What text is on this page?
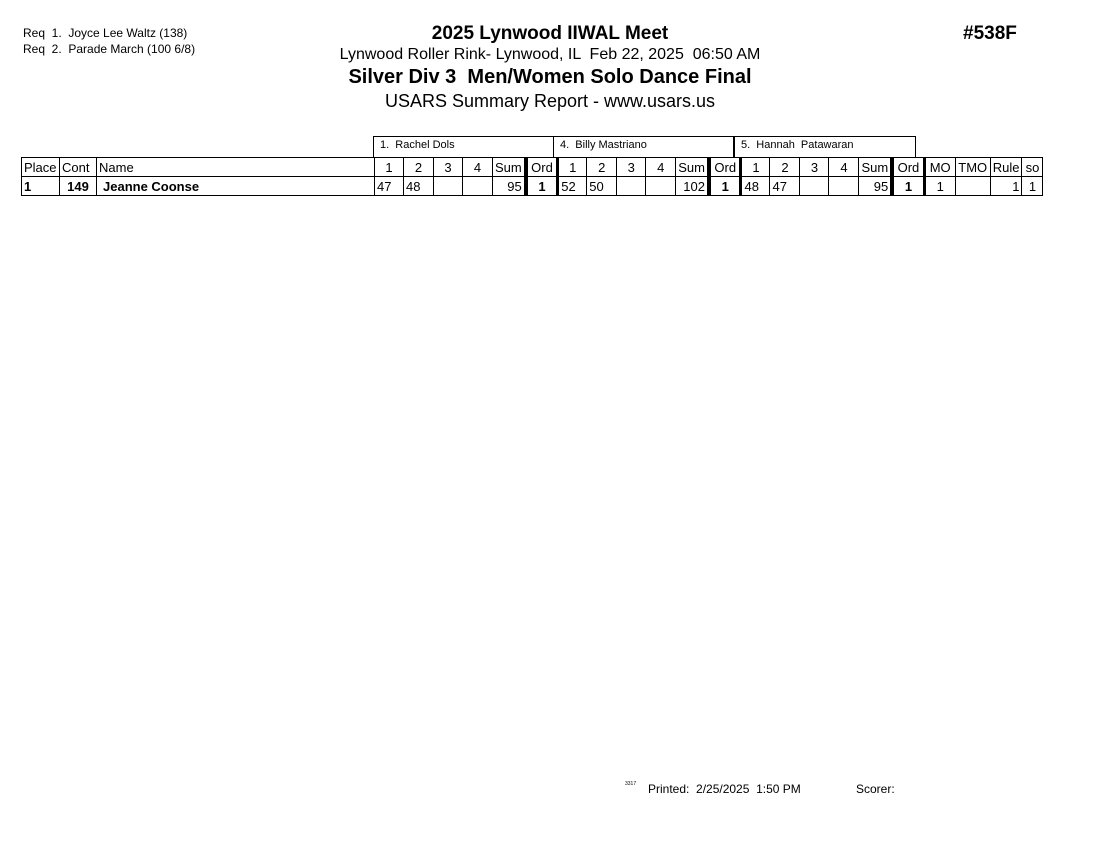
Req  1.  Joyce Lee Waltz (138)
Req  2.  Parade March (100 6/8)
2025 Lynwood IIWAL Meet
Lynwood Roller Rink- Lynwood, IL  Feb 22, 2025  06:50 AM
Silver Div 3  Men/Women Solo Dance Final
USARS Summary Report - www.usars.us
#538F
1.  Rachel Dols	4.  Billy Mastriano	5.  Hannah  Patawaran
Place	Cont	Name	1	2	3	4	Sum	Ord	1	2	3	4	Sum	Ord	1	2	3	4	Sum	Ord	MO	TMO	Rule	so
1	149	Jeanne Coonse	47	48			95	1	52	50			102	1	48	47			95	1	1		1	1
3317 Printed:  2/25/2025  1:50 PM	Scorer:
